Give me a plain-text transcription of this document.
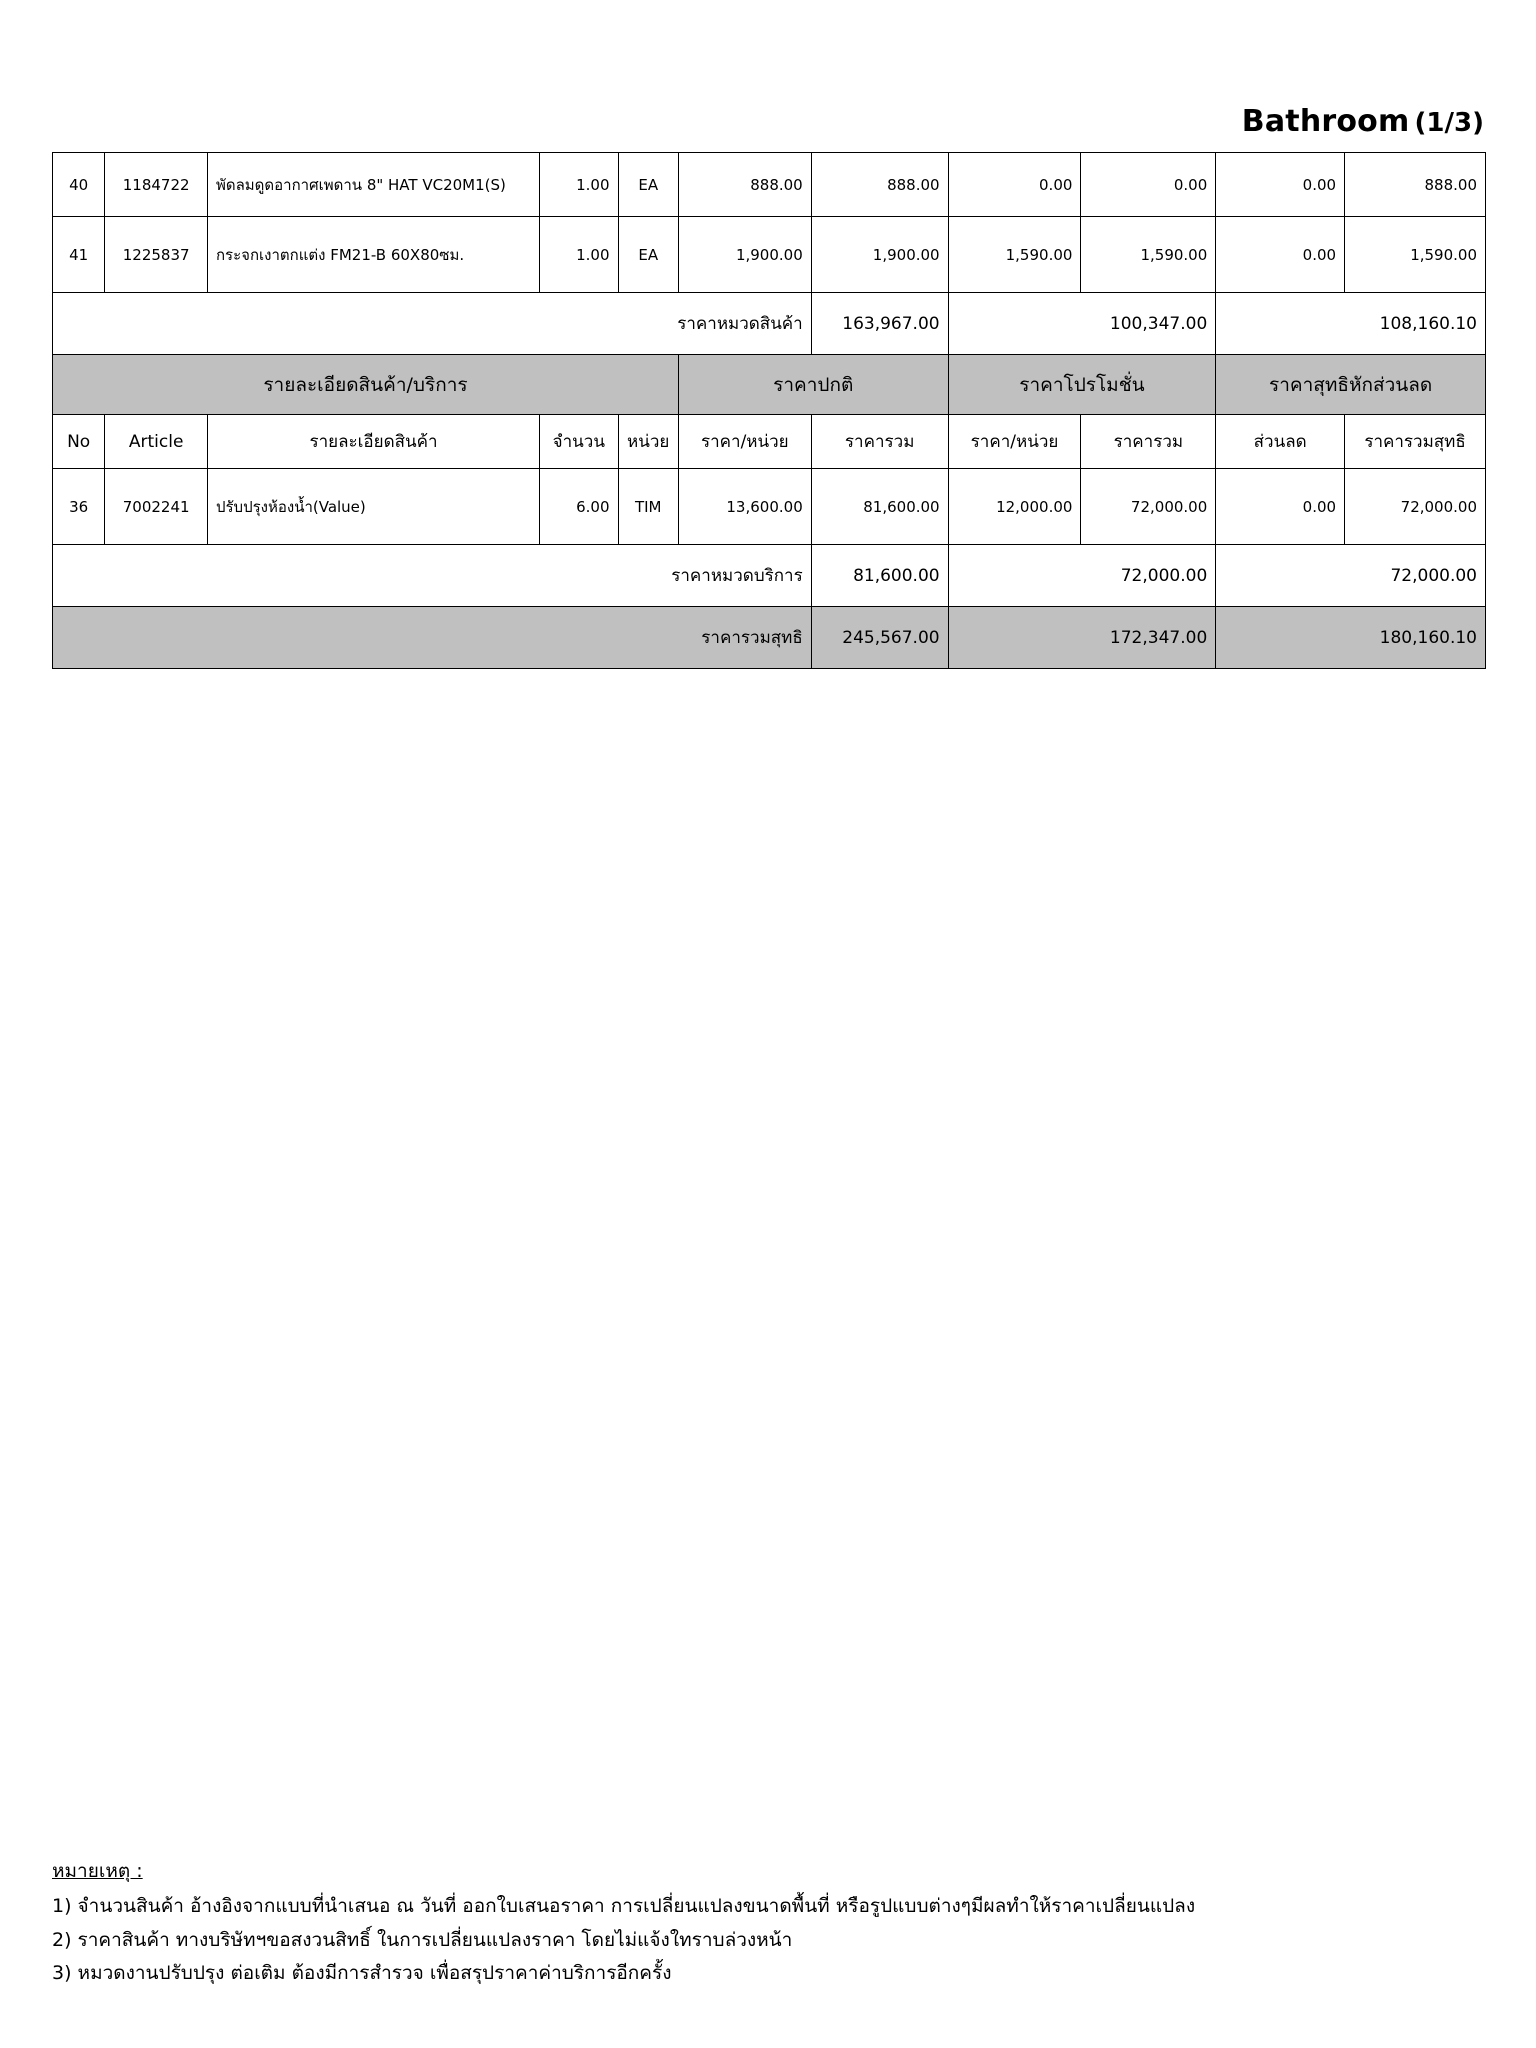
Bathroom (1/3)
40	1184722	พัดลมดูดอากาศเพดาน 8" HAT VC20M1(S)	1.00	EA	888.00	888.00	0.00	0.00	0.00	888.00
41	1225837	กระจกเงาตกแต่ง FM21-B 60X80ซม.	1.00	EA	1,900.00	1,900.00	1,590.00	1,590.00	0.00	1,590.00
ราคาหมวดสินค้า						163,967.00	100,347.00		108,160.10	
รายละเอียดสินค้า/บริการ					ราคาปกติ		ราคาโปรโมชั่น		ราคาสุทธิหักส่วนลด	
No	Article	รายละเอียดสินค้า	จำนวน	หน่วย	ราคา/หน่วย	ราคารวม	ราคา/หน่วย	ราคารวม	ส่วนลด	ราคารวมสุทธิ
36	7002241	ปรับปรุงห้องน้ำ(Value)	6.00	TIM	13,600.00	81,600.00	12,000.00	72,000.00	0.00	72,000.00
ราคาหมวดบริการ						81,600.00	72,000.00		72,000.00	
ราคารวมสุทธิ						245,567.00	172,347.00		180,160.10	
หมายเหตุ :
1) จำนวนสินค้า อ้างอิงจากแบบที่นำเสนอ ณ วันที่ ออกใบเสนอราคา การเปลี่ยนแปลงขนาดพื้นที่ หรือรูปแบบต่างๆมีผลทำให้ราคาเปลี่ยนแปลง
2) ราคาสินค้า ทางบริษัทฯขอสงวนสิทธิ์ ในการเปลี่ยนแปลงราคา โดยไม่แจ้งใทราบล่วงหน้า
3) หมวดงานปรับปรุง ต่อเติม ต้องมีการสำรวจ เพื่อสรุปราคาค่าบริการอีกครั้ง
